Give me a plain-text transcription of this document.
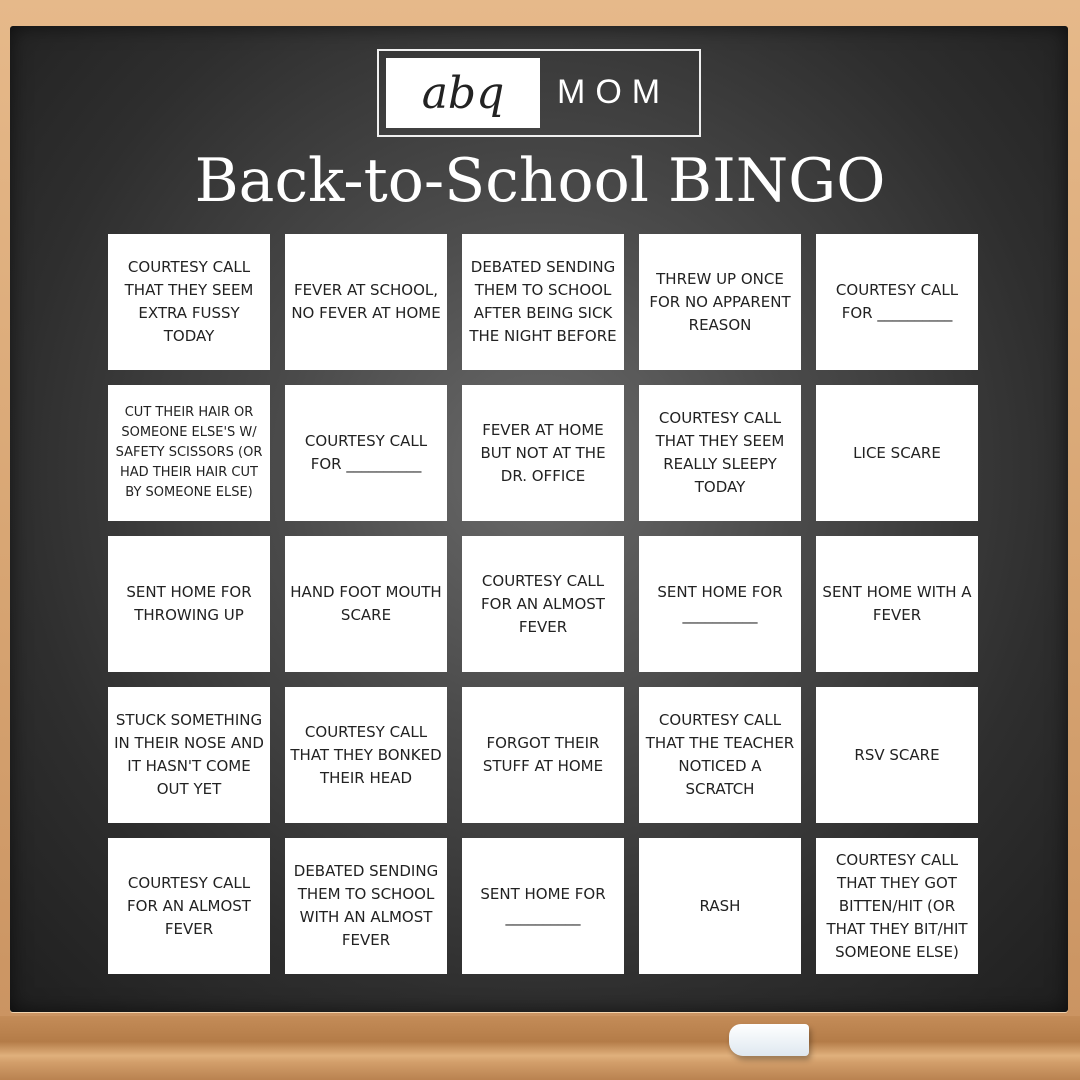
abq	MOM
Back-to-School BINGO
COURTESY CALL THAT THEY SEEM EXTRA FUSSY TODAY
FEVER AT SCHOOL, NO FEVER AT HOME
DEBATED SENDING THEM TO SCHOOL AFTER BEING SICK THE NIGHT BEFORE
THREW UP ONCE FOR NO APPARENT REASON
COURTESY CALL FOR __________
CUT THEIR HAIR OR SOMEONE ELSE'S W/ SAFETY SCISSORS (OR HAD THEIR HAIR CUT BY SOMEONE ELSE)
COURTESY CALL FOR __________
FEVER AT HOME BUT NOT AT THE DR. OFFICE
COURTESY CALL THAT THEY SEEM REALLY SLEEPY TODAY
LICE SCARE
SENT HOME FOR THROWING UP
HAND FOOT MOUTH SCARE
COURTESY CALL FOR AN ALMOST FEVER
SENT HOME FOR __________
SENT HOME WITH A FEVER
STUCK SOMETHING IN THEIR NOSE AND IT HASN'T COME OUT YET
COURTESY CALL THAT THEY BONKED THEIR HEAD
FORGOT THEIR STUFF AT HOME
COURTESY CALL THAT THE TEACHER NOTICED A SCRATCH
RSV SCARE
COURTESY CALL FOR AN ALMOST FEVER
DEBATED SENDING THEM TO SCHOOL WITH AN ALMOST FEVER
SENT HOME FOR __________
RASH
COURTESY CALL THAT THEY GOT BITTEN/HIT (OR THAT THEY BIT/HIT SOMEONE ELSE)
